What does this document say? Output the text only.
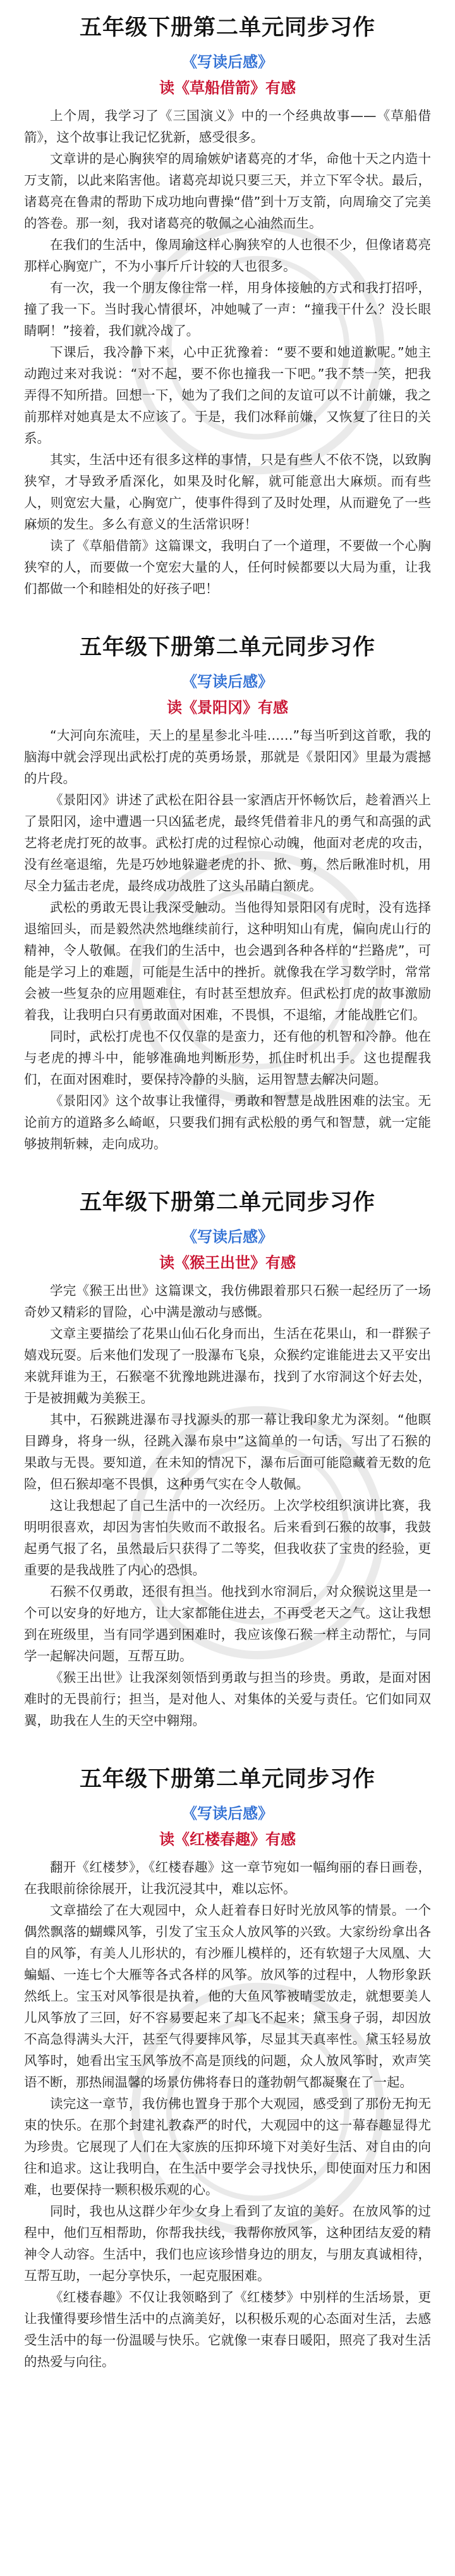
五年级下册第二单元同步习作
《写读后感》
读《草船借箭》有感

上个周，我学习了《三国演义》中的一个经典故事——《草船借箭》，这个故事让我记忆犹新，感受很多。

文章讲的是心胸狭窄的周瑜嫉妒诸葛亮的才华，命他十天之内造十万支箭，以此来陷害他。诸葛亮却说只要三天，并立下军令状。最后，诸葛亮在鲁肃的帮助下成功地向曹操“借”到十万支箭，向周瑜交了完美的答卷。那一刻，我对诸葛亮的敬佩之心油然而生。

在我们的生活中，像周瑜这样心胸狭窄的人也很不少，但像诸葛亮那样心胸宽广，不为小事斤斤计较的人也很多。

有一次，我一个朋友像往常一样，用身体接触的方式和我打招呼，撞了我一下。当时我心情很坏，冲她喊了一声：“撞我干什么？没长眼睛啊！”接着，我们就冷战了。

下课后，我冷静下来，心中正犹豫着：“要不要和她道歉呢。”她主动跑过来对我说：“对不起，要不你也撞我一下吧。”我不禁一笑，把我弄得不知所措。回想一下，她为了我们之间的友谊可以不计前嫌，我之前那样对她真是太不应该了。于是，我们冰释前嫌，又恢复了往日的关系。

其实，生活中还有很多这样的事情，只是有些人不依不饶，以致胸狭窄，才导致矛盾深化，如果及时化解，就可能意出大麻烦。而有些人，则宽宏大量，心胸宽广，使事件得到了及时处理，从而避免了一些麻烦的发生。多么有意义的生活常识呀！

读了《草船借箭》这篇课文，我明白了一个道理，不要做一个心胸狭窄的人，而要做一个宽宏大量的人，任何时候都要以大局为重，让我们都做一个和睦相处的好孩子吧！

五年级下册第二单元同步习作
《写读后感》
读《景阳冈》有感

“大河向东流哇，天上的星星参北斗哇……”每当听到这首歌，我的脑海中就会浮现出武松打虎的英勇场景，那就是《景阳冈》里最为震撼的片段。

《景阳冈》讲述了武松在阳谷县一家酒店开怀畅饮后，趁着酒兴上了景阳冈，途中遭遇一只凶猛老虎，最终凭借着非凡的勇气和高强的武艺将老虎打死的故事。武松打虎的过程惊心动魄，他面对老虎的攻击，没有丝毫退缩，先是巧妙地躲避老虎的扑、掀、剪，然后瞅准时机，用尽全力猛击老虎，最终成功战胜了这头吊睛白额虎。

武松的勇敢无畏让我深受触动。当他得知景阳冈有虎时，没有选择退缩回头，而是毅然决然地继续前行，这种明知山有虎，偏向虎山行的精神，令人敬佩。在我们的生活中，也会遇到各种各样的“拦路虎”，可能是学习上的难题，可能是生活中的挫折。就像我在学习数学时，常常会被一些复杂的应用题难住，有时甚至想放弃。但武松打虎的故事激励着我，让我明白只有勇敢面对困难，不畏惧，不退缩，才能战胜它们。

同时，武松打虎也不仅仅靠的是蛮力，还有他的机智和冷静。他在与老虎的搏斗中，能够准确地判断形势，抓住时机出手。这也提醒我们，在面对困难时，要保持冷静的头脑，运用智慧去解决问题。

《景阳冈》这个故事让我懂得，勇敢和智慧是战胜困难的法宝。无论前方的道路多么崎岖，只要我们拥有武松般的勇气和智慧，就一定能够披荆斩棘，走向成功。

五年级下册第二单元同步习作
《写读后感》
读《猴王出世》有感

学完《猴王出世》这篇课文，我仿佛跟着那只石猴一起经历了一场奇妙又精彩的冒险，心中满是激动与感慨。

文章主要描绘了花果山仙石化身而出，生活在花果山，和一群猴子嬉戏玩耍。后来他们发现了一股瀑布飞泉，众猴约定谁能进去又平安出来就拜谁为王，石猴毫不犹豫地跳进瀑布，找到了水帘洞这个好去处，于是被拥戴为美猴王。

其中，石猴跳进瀑布寻找源头的那一幕让我印象尤为深刻。“他瞑目蹲身，将身一纵，径跳入瀑布泉中”这简单的一句话，写出了石猴的果敢与无畏。要知道，在未知的情况下，瀑布后面可能隐藏着无数的危险，但石猴却毫不畏惧，这种勇气实在令人敬佩。

这让我想起了自己生活中的一次经历。上次学校组织演讲比赛，我明明很喜欢，却因为害怕失败而不敢报名。后来看到石猴的故事，我鼓起勇气报了名，虽然最后只获得了二等奖，但我收获了宝贵的经验，更重要的是我战胜了内心的恐惧。

石猴不仅勇敢，还很有担当。他找到水帘洞后，对众猴说这里是一个可以安身的好地方，让大家都能住进去，不再受老天之气。这让我想到在班级里，当有同学遇到困难时，我应该像石猴一样主动帮忙，与同学一起解决问题，互帮互助。

《猴王出世》让我深刻领悟到勇敢与担当的珍贵。勇敢，是面对困难时的无畏前行；担当，是对他人、对集体的关爱与责任。它们如同双翼，助我在人生的天空中翱翔。

五年级下册第二单元同步习作
《写读后感》
读《红楼春趣》有感

翻开《红楼梦》，《红楼春趣》这一章节宛如一幅绚丽的春日画卷，在我眼前徐徐展开，让我沉浸其中，难以忘怀。

文章描绘了在大观园中，众人赶着春日好时光放风筝的情景。一个偶然飘落的蝴蝶风筝，引发了宝玉众人放风筝的兴致。大家纷纷拿出各自的风筝，有美人儿形状的，有沙雁儿模样的，还有软翅子大凤凰、大蝙蝠、一连七个大雁等各式各样的风筝。放风筝的过程中，人物形象跃然纸上。宝玉对风筝很是执着，他的大鱼风筝被晴雯放走，就想要美人儿风筝放了三回，好不容易要起来了却飞不起来；黛玉身子弱，却因放不高急得满头大汗，甚至气得要摔风筝，尽显其天真率性。黛玉轻易放风筝时，她看出宝玉风筝放不高是顶线的问题，众人放风筝时，欢声笑语不断，那热闹温馨的场景仿佛将春日的蓬勃朝气都凝聚在了一起。

读完这一章节，我仿佛也置身于那个大观园，感受到了那份无拘无束的快乐。在那个封建礼教森严的时代，大观园中的这一幕春趣显得尤为珍贵。它展现了人们在大家族的压抑环境下对美好生活、对自由的向往和追求。这让我明白，在生活中要学会寻找快乐，即使面对压力和困难，也要保持一颗积极乐观的心。

同时，我也从这群少年少女身上看到了友谊的美好。在放风筝的过程中，他们互相帮助，你帮我扶线，我帮你放风筝，这种团结友爱的精神令人动容。生活中，我们也应该珍惜身边的朋友，与朋友真诚相待，互帮互助，一起分享快乐，一起克服困难。

《红楼春趣》不仅让我领略到了《红楼梦》中别样的生活场景，更让我懂得要珍惜生活中的点滴美好，以积极乐观的心态面对生活，去感受生活中的每一份温暖与快乐。它就像一束春日暖阳，照亮了我对生活的热爱与向往。
